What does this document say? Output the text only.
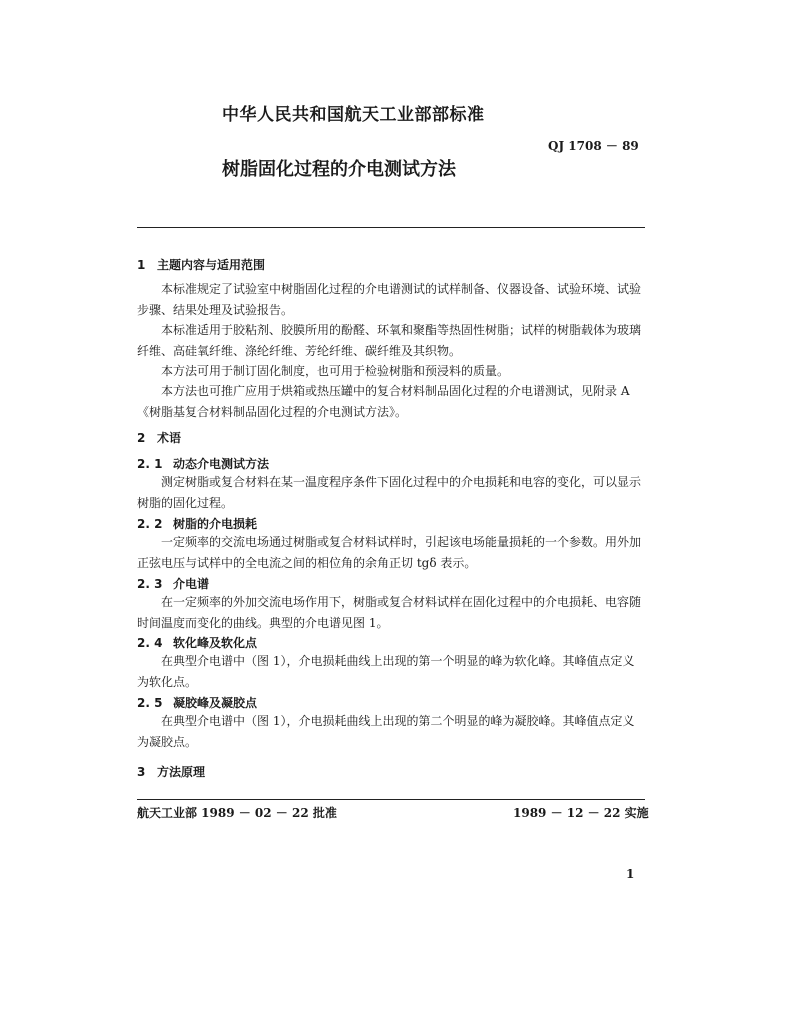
中华人民共和国航天工业部部标准
QJ 1708 － 89
树脂固化过程的介电测试方法
1 主题内容与适用范围
本标准规定了试验室中树脂固化过程的介电谱测试的试样制备、仪器设备、试验环境、试验步骤、结果处理及试验报告。
本标准适用于胶粘剂、胶膜所用的酚醛、环氧和聚酯等热固性树脂；试样的树脂载体为玻璃纤维、高硅氧纤维、涤纶纤维、芳纶纤维、碳纤维及其织物。
本方法可用于制订固化制度，也可用于检验树脂和预浸料的质量。
本方法也可推广应用于烘箱或热压罐中的复合材料制品固化过程的介电谱测试，见附录 A《树脂基复合材料制品固化过程的介电测试方法》。
2 术语
2. 1 动态介电测试方法
测定树脂或复合材料在某一温度程序条件下固化过程中的介电损耗和电容的变化，可以显示树脂的固化过程。
2. 2 树脂的介电损耗
一定频率的交流电场通过树脂或复合材料试样时，引起该电场能量损耗的一个参数。用外加正弦电压与试样中的全电流之间的相位角的余角正切 tgδ 表示。
2. 3 介电谱
在一定频率的外加交流电场作用下，树脂或复合材料试样在固化过程中的介电损耗、电容随时间温度而变化的曲线。典型的介电谱见图 1。
2. 4 软化峰及软化点
在典型介电谱中（图 1），介电损耗曲线上出现的第一个明显的峰为软化峰。其峰值点定义为软化点。
2. 5 凝胶峰及凝胶点
在典型介电谱中（图 1），介电损耗曲线上出现的第二个明显的峰为凝胶峰。其峰值点定义为凝胶点。
3 方法原理
航天工业部 1989 － 02 － 22 批准	1989 － 12 － 22 实施
1
